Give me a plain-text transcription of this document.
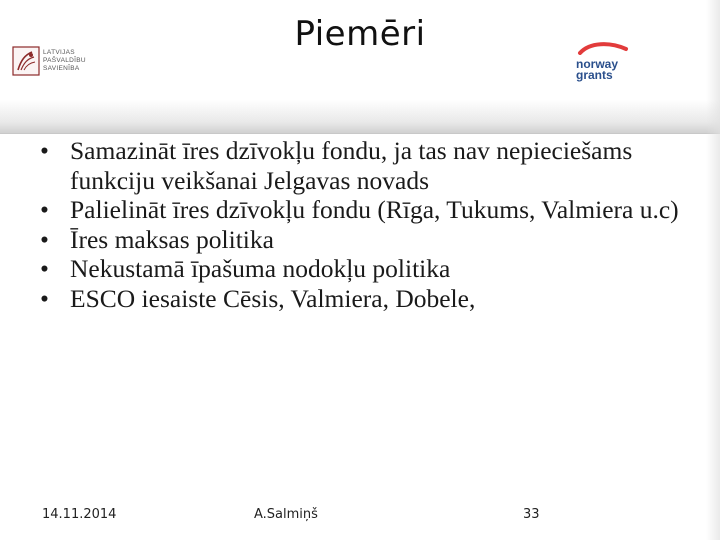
Piemēri
LATVIJAS
PAŠVALDĪBU
SAVIENĪBA	norway
grants
• Samazināt īres dzīvokļu fondu, ja tas nav nepieciešams funkciju veikšanai Jelgavas novads
• Palielināt īres dzīvokļu fondu (Rīga, Tukums, Valmiera u.c)
• Īres maksas politika
• Nekustamā īpašuma nodokļu politika
• ESCO iesaiste Cēsis, Valmiera, Dobele,
14.11.2014	A.Salmiņš	33
